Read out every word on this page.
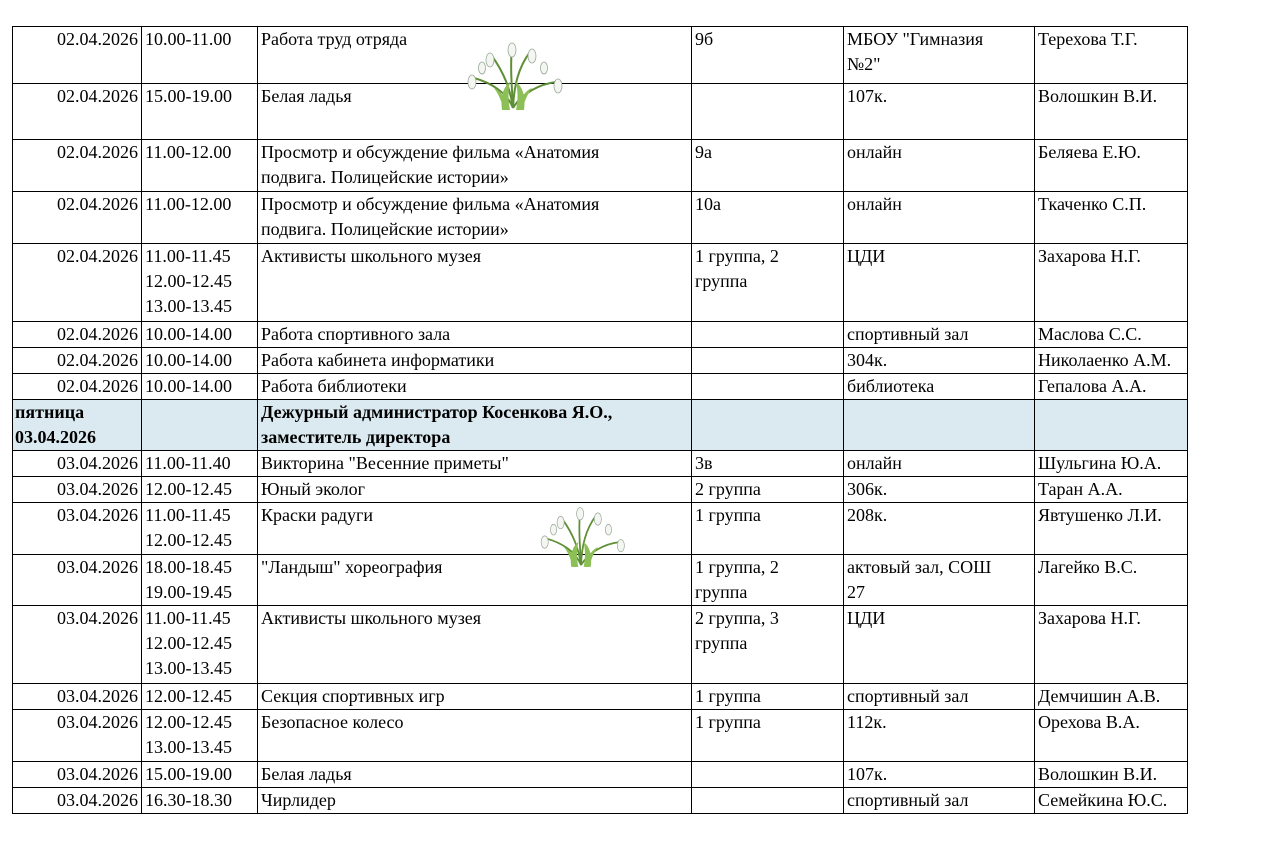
02.04.2026	10.00-11.00	Работа труд отряда	9б	МБОУ "Гимназия
№2"	Терехова Т.Г.

02.04.2026	15.00-19.00	Белая ладья		107к.	Волошкин В.И.

02.04.2026	11.00-12.00	Просмотр и обсуждение фильма «Анатомия
подвига. Полицейские истории»	9а	онлайн	Беляева Е.Ю.

02.04.2026	11.00-12.00	Просмотр и обсуждение фильма «Анатомия
подвига. Полицейские истории»	10а	онлайн	Ткаченко С.П.

02.04.2026	11.00-11.45
12.00-12.45
13.00-13.45	Активисты школьного музея	1 группа, 2
группа	ЦДИ	Захарова Н.Г.

02.04.2026	10.00-14.00	Работа спортивного зала		спортивный зал	Маслова С.С.

02.04.2026	10.00-14.00	Работа кабинета информатики		304к.	Николаенко А.М.

02.04.2026	10.00-14.00	Работа библиотеки		библиотека	Гепалова А.А.

пятница
03.04.2026		Дежурный администратор Косенкова Я.О.,
заместитель директора			

03.04.2026	11.00-11.40	Викторина "Весенние приметы"	3в	онлайн	Шульгина Ю.А.

03.04.2026	12.00-12.45	Юный эколог	2 группа	306к.	Таран А.А.

03.04.2026	11.00-11.45
12.00-12.45	Краски радуги	1 группа	208к.	Явтушенко Л.И.

03.04.2026	18.00-18.45
19.00-19.45	"Ландыш" хореография	1 группа, 2
группа	актовый зал, СОШ
27	Лагейко В.С.

03.04.2026	11.00-11.45
12.00-12.45
13.00-13.45	Активисты школьного музея	2 группа, 3
группа	ЦДИ	Захарова Н.Г.

03.04.2026	12.00-12.45	Секция спортивных игр	1 группа	спортивный зал	Демчишин А.В.

03.04.2026	12.00-12.45
13.00-13.45	Безопасное колесо	1 группа	112к.	Орехова В.А.

03.04.2026	15.00-19.00	Белая ладья		107к.	Волошкин В.И.

03.04.2026	16.30-18.30	Чирлидер		спортивный зал	Семейкина Ю.С.
